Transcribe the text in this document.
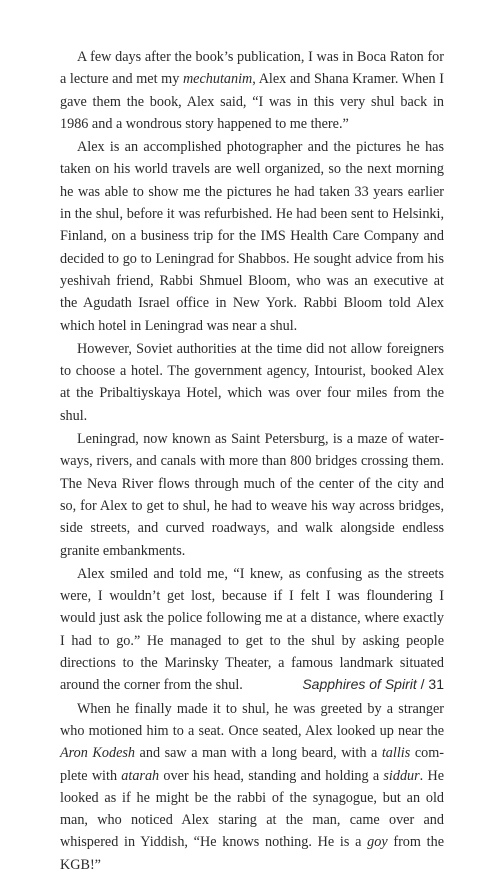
A few days after the book’s publication, I was in Boca Raton for a lecture and met my mechutanim, Alex and Shana Kramer. When I gave them the book, Alex said, “I was in this very shul back in 1986 and a wondrous story happened to me there.”

Alex is an accomplished photographer and the pictures he has taken on his world travels are well organized, so the next morning he was able to show me the pictures he had taken 33 years earlier in the shul, before it was refurbished. He had been sent to Helsinki, Finland, on a business trip for the IMS Health Care Company and decided to go to Leningrad for Shabbos. He sought advice from his yeshivah friend, Rabbi Shmuel Bloom, who was an executive at the Agudath Israel office in New York. Rabbi Bloom told Alex which hotel in Leningrad was near a shul.

However, Soviet authorities at the time did not allow foreigners to choose a hotel. The government agency, Intourist, booked Alex at the Pribaltiyskaya Hotel, which was over four miles from the shul.

Leningrad, now known as Saint Petersburg, is a maze of waterways, rivers, and canals with more than 800 bridges crossing them. The Neva River flows through much of the center of the city and so, for Alex to get to shul, he had to weave his way across bridges, side streets, and curved roadways, and walk alongside endless granite embankments.

Alex smiled and told me, “I knew, as confusing as the streets were, I wouldn’t get lost, because if I felt I was floundering I would just ask the police following me at a distance, where exactly I had to go.” He managed to get to the shul by asking people directions to the Marinsky Theater, a famous landmark situated around the corner from the shul.

When he finally made it to shul, he was greeted by a stranger who motioned him to a seat. Once seated, Alex looked up near the Aron Kodesh and saw a man with a long beard, with a tallis complete with atarah over his head, standing and holding a siddur. He looked as if he might be the rabbi of the synagogue, but an old man, who noticed Alex staring at the man, came over and whispered in Yiddish, “He knows nothing. He is a goy from the KGB!”

Sapphires of Spirit / 31
